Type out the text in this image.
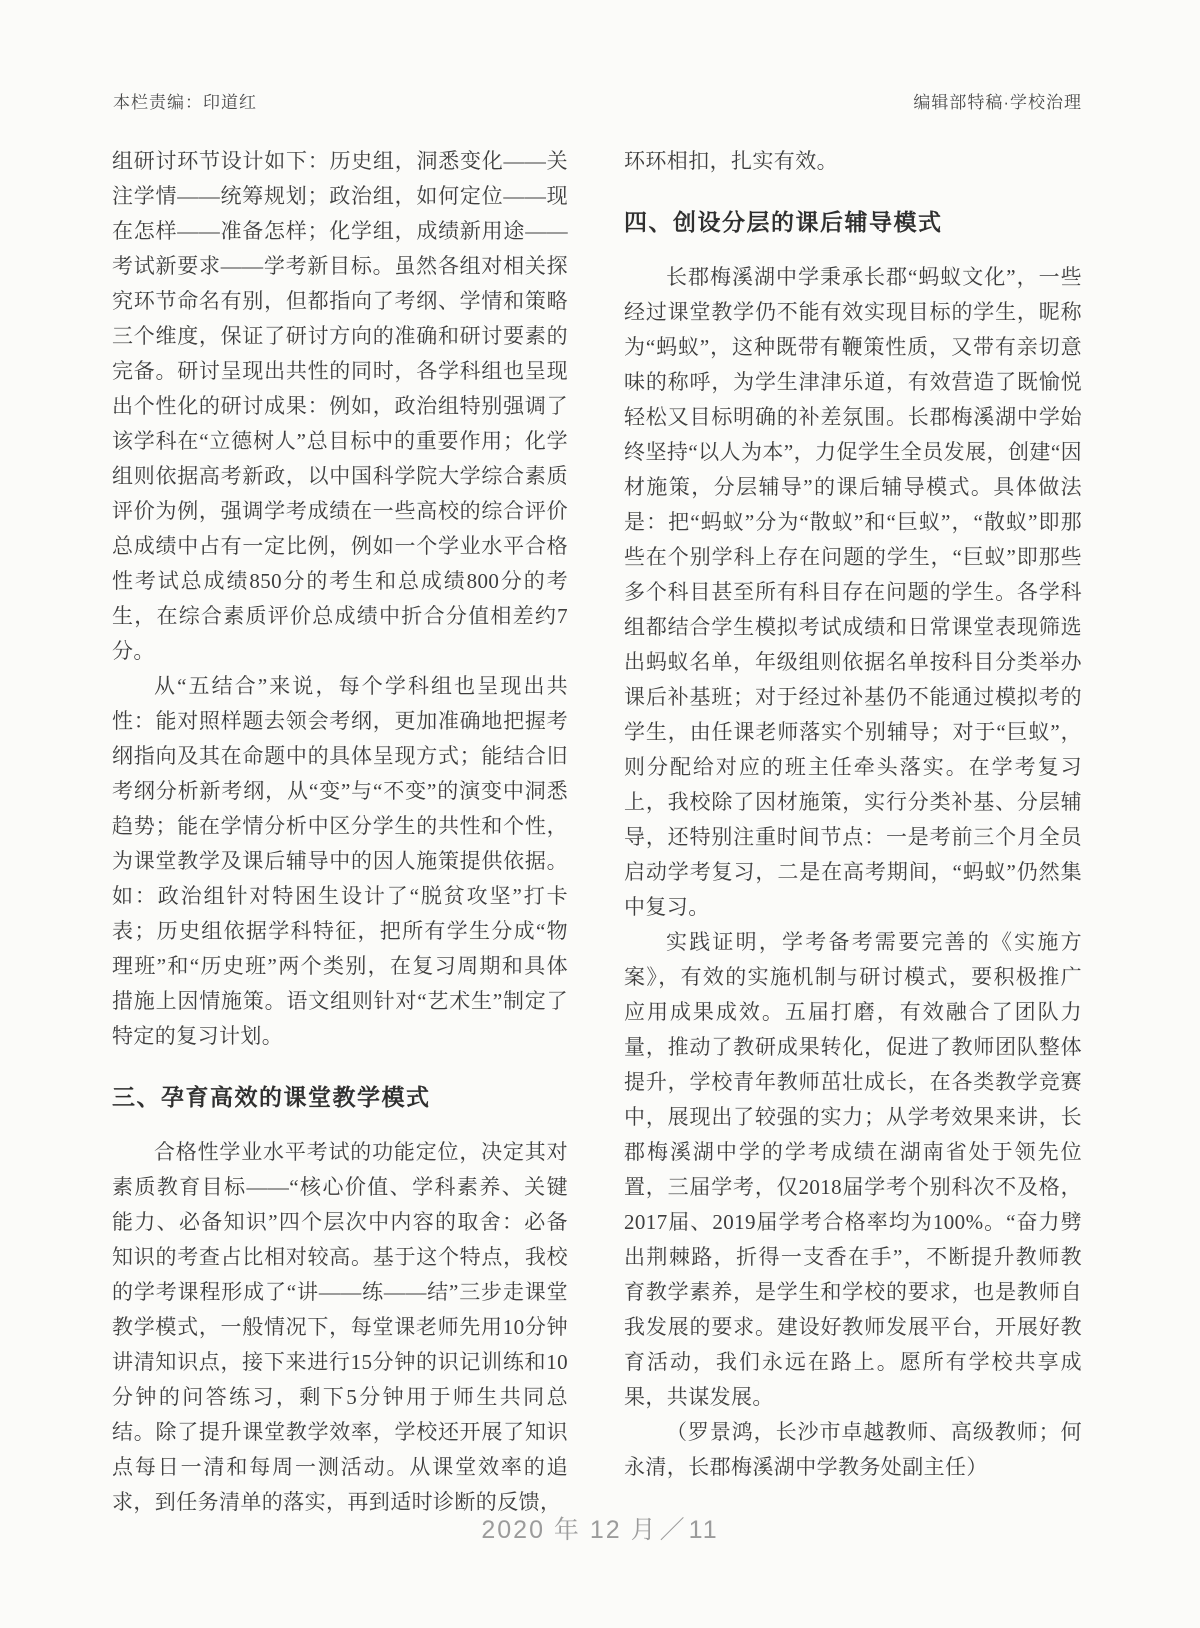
本栏责编：印道红	编辑部特稿·学校治理

组研讨环节设计如下：历史组，洞悉变化——关注学情——统筹规划；政治组，如何定位——现在怎样——准备怎样；化学组，成绩新用途——考试新要求——学考新目标。虽然各组对相关探究环节命名有别，但都指向了考纲、学情和策略三个维度，保证了研讨方向的准确和研讨要素的完备。研讨呈现出共性的同时，各学科组也呈现出个性化的研讨成果：例如，政治组特别强调了该学科在“立德树人”总目标中的重要作用；化学组则依据高考新政，以中国科学院大学综合素质评价为例，强调学考成绩在一些高校的综合评价总成绩中占有一定比例，例如一个学业水平合格性考试总成绩850分的考生和总成绩800分的考生，在综合素质评价总成绩中折合分值相差约7分。

从“五结合”来说，每个学科组也呈现出共性：能对照样题去领会考纲，更加准确地把握考纲指向及其在命题中的具体呈现方式；能结合旧考纲分析新考纲，从“变”与“不变”的演变中洞悉趋势；能在学情分析中区分学生的共性和个性，为课堂教学及课后辅导中的因人施策提供依据。如：政治组针对特困生设计了“脱贫攻坚”打卡表；历史组依据学科特征，把所有学生分成“物理班”和“历史班”两个类别，在复习周期和具体措施上因情施策。语文组则针对“艺术生”制定了特定的复习计划。

三、孕育高效的课堂教学模式

合格性学业水平考试的功能定位，决定其对素质教育目标——“核心价值、学科素养、关键能力、必备知识”四个层次中内容的取舍：必备知识的考查占比相对较高。基于这个特点，我校的学考课程形成了“讲——练——结”三步走课堂教学模式，一般情况下，每堂课老师先用10分钟讲清知识点，接下来进行15分钟的识记训练和10分钟的问答练习，剩下5分钟用于师生共同总结。除了提升课堂教学效率，学校还开展了知识点每日一清和每周一测活动。从课堂效率的追求，到任务清单的落实，再到适时诊断的反馈，

环环相扣，扎实有效。

四、创设分层的课后辅导模式

长郡梅溪湖中学秉承长郡“蚂蚁文化”，一些经过课堂教学仍不能有效实现目标的学生，昵称为“蚂蚁”，这种既带有鞭策性质，又带有亲切意味的称呼，为学生津津乐道，有效营造了既愉悦轻松又目标明确的补差氛围。长郡梅溪湖中学始终坚持“以人为本”，力促学生全员发展，创建“因材施策，分层辅导”的课后辅导模式。具体做法是：把“蚂蚁”分为“散蚁”和“巨蚁”，“散蚁”即那些在个别学科上存在问题的学生，“巨蚁”即那些多个科目甚至所有科目存在问题的学生。各学科组都结合学生模拟考试成绩和日常课堂表现筛选出蚂蚁名单，年级组则依据名单按科目分类举办课后补基班；对于经过补基仍不能通过模拟考的学生，由任课老师落实个别辅导；对于“巨蚁”，则分配给对应的班主任牵头落实。在学考复习上，我校除了因材施策，实行分类补基、分层辅导，还特别注重时间节点：一是考前三个月全员启动学考复习，二是在高考期间，“蚂蚁”仍然集中复习。

实践证明，学考备考需要完善的《实施方案》，有效的实施机制与研讨模式，要积极推广应用成果成效。五届打磨，有效融合了团队力量，推动了教研成果转化，促进了教师团队整体提升，学校青年教师茁壮成长，在各类教学竞赛中，展现出了较强的实力；从学考效果来讲，长郡梅溪湖中学的学考成绩在湖南省处于领先位置，三届学考，仅2018届学考个别科次不及格，2017届、2019届学考合格率均为100%。“奋力劈出荆棘路，折得一支香在手”，不断提升教师教育教学素养，是学生和学校的要求，也是教师自我发展的要求。建设好教师发展平台，开展好教育活动，我们永远在路上。愿所有学校共享成果，共谋发展。

（罗景鸿，长沙市卓越教师、高级教师；何永清，长郡梅溪湖中学教务处副主任）

2020 年 12 月／11
